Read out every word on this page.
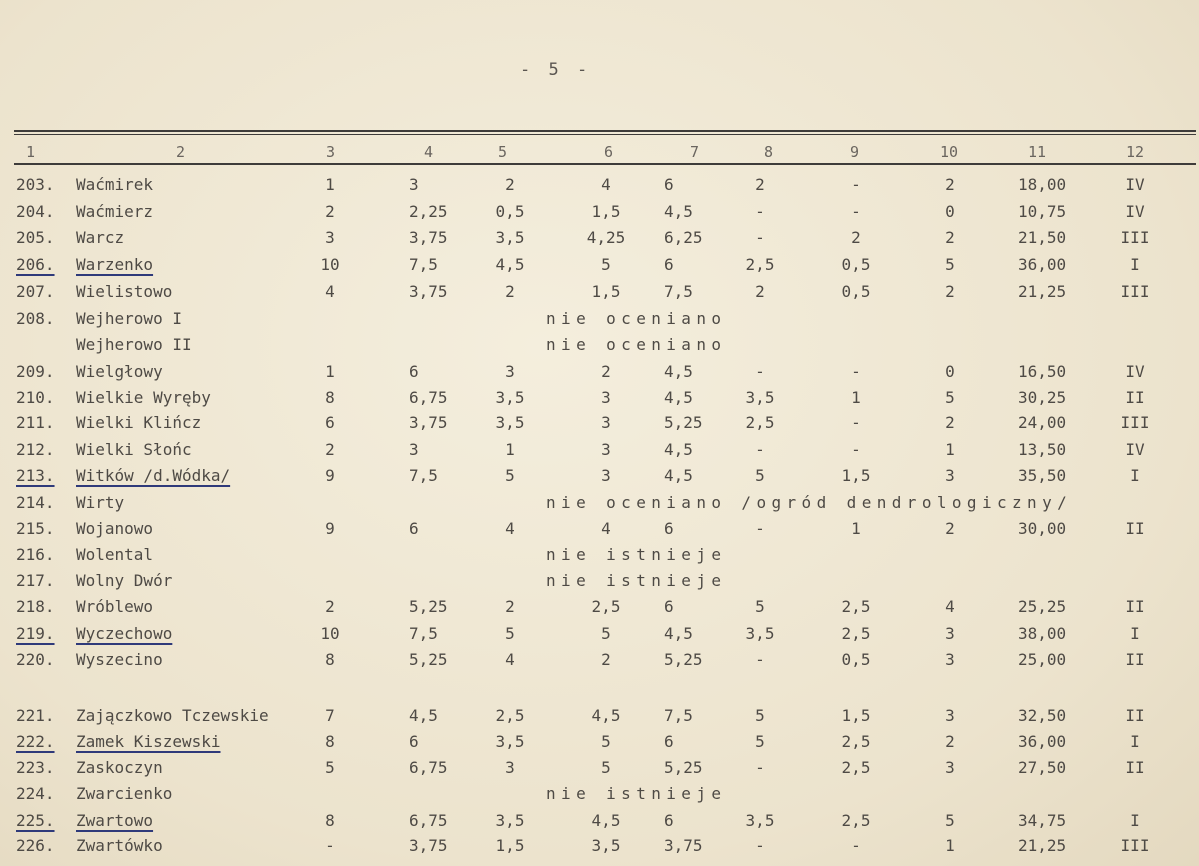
- 5 -
1	2	3	4	5	6	7	8	9	10	11	12
203. Waćmirek	1	3	2	4	6	2	-	2	18,00	IV
204. Waćmierz	2	2,25	0,5	1,5	4,5	-	-	0	10,75	IV
205. Warcz	3	3,75	3,5	4,25	6,25	-	2	2	21,50	III
206. Warzenko	10	7,5	4,5	5	6	2,5	0,5	5	36,00	I
207. Wielistowo	4	3,75	2	1,5	7,5	2	0,5	2	21,25	III
208. Wejherowo I	nie oceniano
Wejherowo II	nie oceniano
209. Wielgłowy	1	6	3	2	4,5	-	-	0	16,50	IV
210. Wielkie Wyręby	8	6,75	3,5	3	4,5	3,5	1	5	30,25	II
211. Wielki Klińcz	6	3,75	3,5	3	5,25	2,5	-	2	24,00	III
212. Wielki Słońc	2	3	1	3	4,5	-	-	1	13,50	IV
213. Witków /d.Wódka/	9	7,5	5	3	4,5	5	1,5	3	35,50	I
214. Wirty	nie oceniano /ogród dendrologiczny/
215. Wojanowo	9	6	4	4	6	-	1	2	30,00	II
216. Wolental	nie istnieje
217. Wolny Dwór	nie istnieje
218. Wróblewo	2	5,25	2	2,5	6	5	2,5	4	25,25	II
219. Wyczechowo	10	7,5	5	5	4,5	3,5	2,5	3	38,00	I
220. Wyszecino	8	5,25	4	2	5,25	-	0,5	3	25,00	II
221. Zajączkowo Tczewskie	7	4,5	2,5	4,5	7,5	5	1,5	3	32,50	II
222. Zamek Kiszewski	8	6	3,5	5	6	5	2,5	2	36,00	I
223. Zaskoczyn	5	6,75	3	5	5,25	-	2,5	3	27,50	II
224. Zwarcienko	nie istnieje
225. Zwartowo	8	6,75	3,5	4,5	6	3,5	2,5	5	34,75	I
226. Zwartówko	-	3,75	1,5	3,5	3,75	-	-	1	21,25	III
